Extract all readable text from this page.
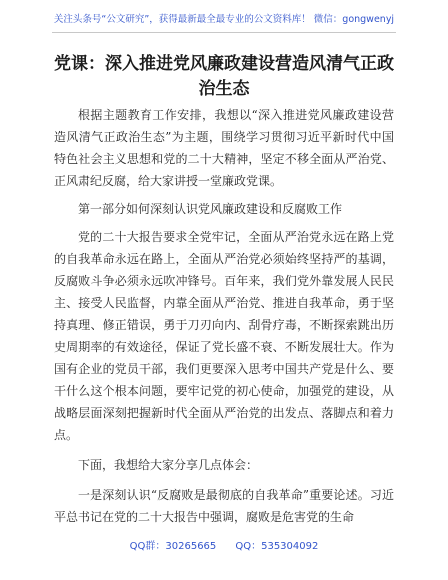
关注头条号“公文研究”，获得最新最全最专业的公文资料库！ 微信：gongwenyj
党课：深入推进党风廉政建设营造风清气正政治生态

根据主题教育工作安排，我想以“深入推进党风廉政建设营造风清气正政治生态”为主题，围绕学习贯彻习近平新时代中国特色社会主义思想和党的二十大精神，坚定不移全面从严治党、正风肃纪反腐，给大家讲授一堂廉政党课。

第一部分如何深刻认识党风廉政建设和反腐败工作

党的二十大报告要求全党牢记，全面从严治党永远在路上党的自我革命永远在路上，全面从严治党必须始终坚持严的基调，反腐败斗争必须永远吹冲锋号。百年来，我们党外靠发展人民民主、接受人民监督，内靠全面从严治党、推进自我革命，勇于坚持真理、修正错误，勇于刀刃向内、刮骨疗毒，不断探索跳出历史周期率的有效途径，保证了党长盛不衰、不断发展壮大。作为国有企业的党员干部，我们更要深入思考中国共产党是什么、要干什么这个根本问题，要牢记党的初心使命，加强党的建设，从战略层面深刻把握新时代全面从严治党的出发点、落脚点和着力点。

下面，我想给大家分享几点体会：

一是深刻认识“反腐败是最彻底的自我革命”重要论述。习近平总书记在党的二十大报告中强调，腐败是危害党的生命

QQ群：30265665      QQ：535304092
